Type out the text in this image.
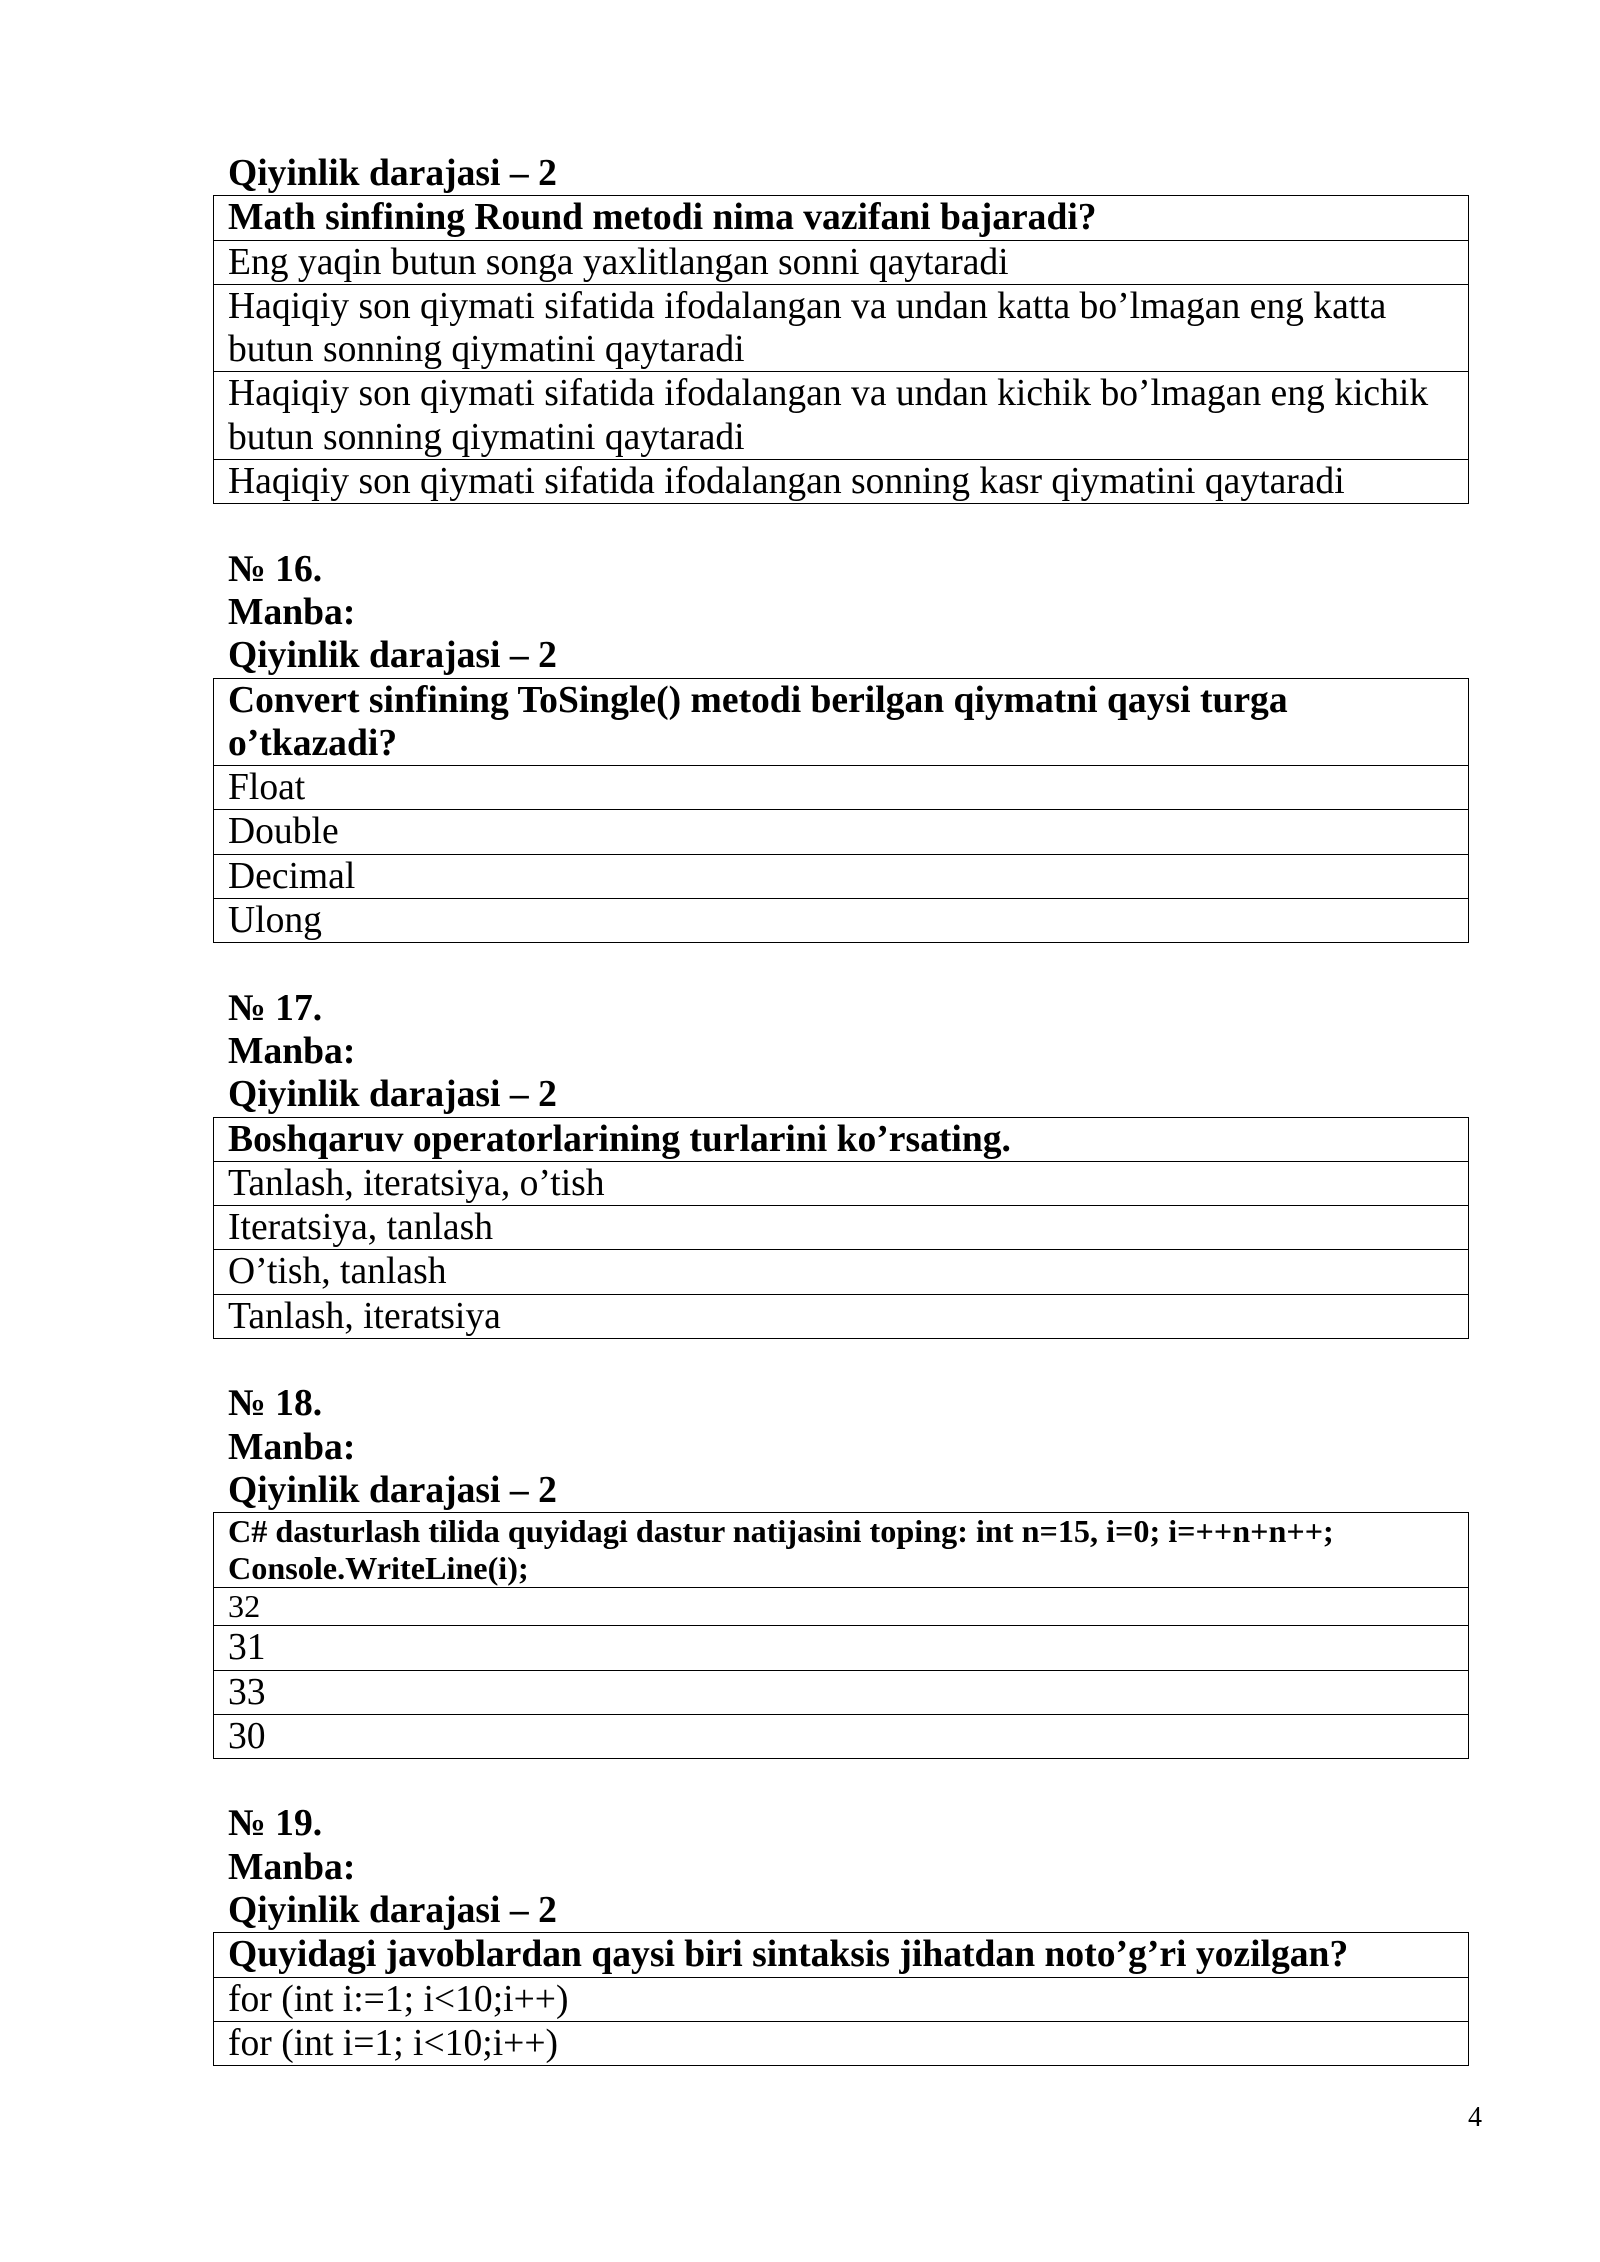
Qiyinlik darajasi – 2
Math sinfining Round metodi nima vazifani bajaradi?
Eng yaqin butun songa yaxlitlangan sonni qaytaradi
Haqiqiy son qiymati sifatida ifodalangan va undan katta bo’lmagan eng katta butun sonning qiymatini qaytaradi
Haqiqiy son qiymati sifatida ifodalangan va undan kichik bo’lmagan eng kichik butun sonning qiymatini qaytaradi
Haqiqiy son qiymati sifatida ifodalangan sonning kasr qiymatini qaytaradi
№ 16.
Manba:
Qiyinlik darajasi – 2
Convert sinfining ToSingle() metodi berilgan qiymatni qaysi turga o’tkazadi?
Float
Double
Decimal
Ulong
№ 17.
Manba:
Qiyinlik darajasi – 2
Boshqaruv operatorlarining turlarini ko’rsating.
Tanlash, iteratsiya, o’tish
Iteratsiya, tanlash
O’tish, tanlash
Tanlash, iteratsiya
№ 18.
Manba:
Qiyinlik darajasi – 2
C# dasturlash tilida quyidagi dastur natijasini toping: int n=15, i=0; i=++n+n++; Console.WriteLine(i);
32
31
33
30
№ 19.
Manba:
Qiyinlik darajasi – 2
Quyidagi javoblardan qaysi biri sintaksis jihatdan noto’g’ri yozilgan?
for (int i:=1; i<10;i++)
for (int i=1; i<10;i++)
4
